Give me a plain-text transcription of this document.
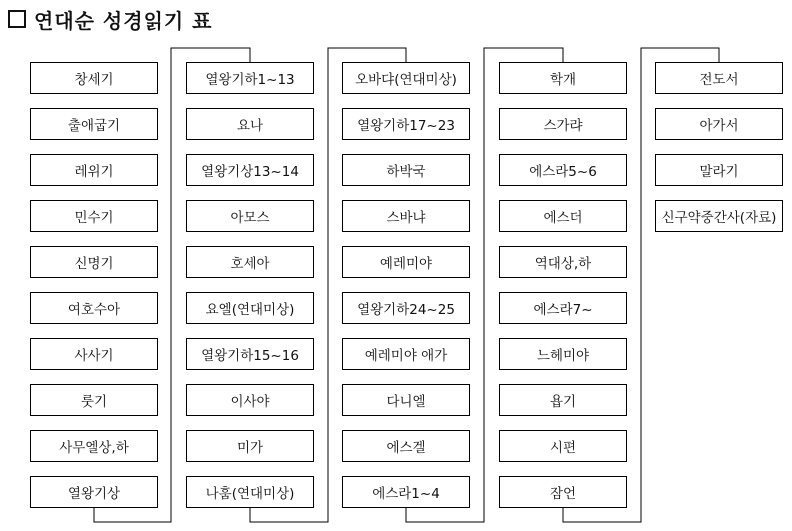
연대순 성경읽기 표
창세기
출애굽기
레위기
민수기
신명기
여호수아
사사기
룻기
사무엘상,하
열왕기상
열왕기하1~13
요나
열왕기상13~14
아모스
호세아
요엘(연대미상)
열왕기하15~16
이사야
미가
나훔(연대미상)
오바댜(연대미상)
열왕기하17~23
하박국
스바냐
예레미야
열왕기하24~25
예레미야 애가
다니엘
에스겔
에스라1~4
학개
스가랴
에스라5~6
에스더
역대상,하
에스라7~
느헤미야
욥기
시편
잠언
전도서
아가서
말라기
신구약중간사(자료)
